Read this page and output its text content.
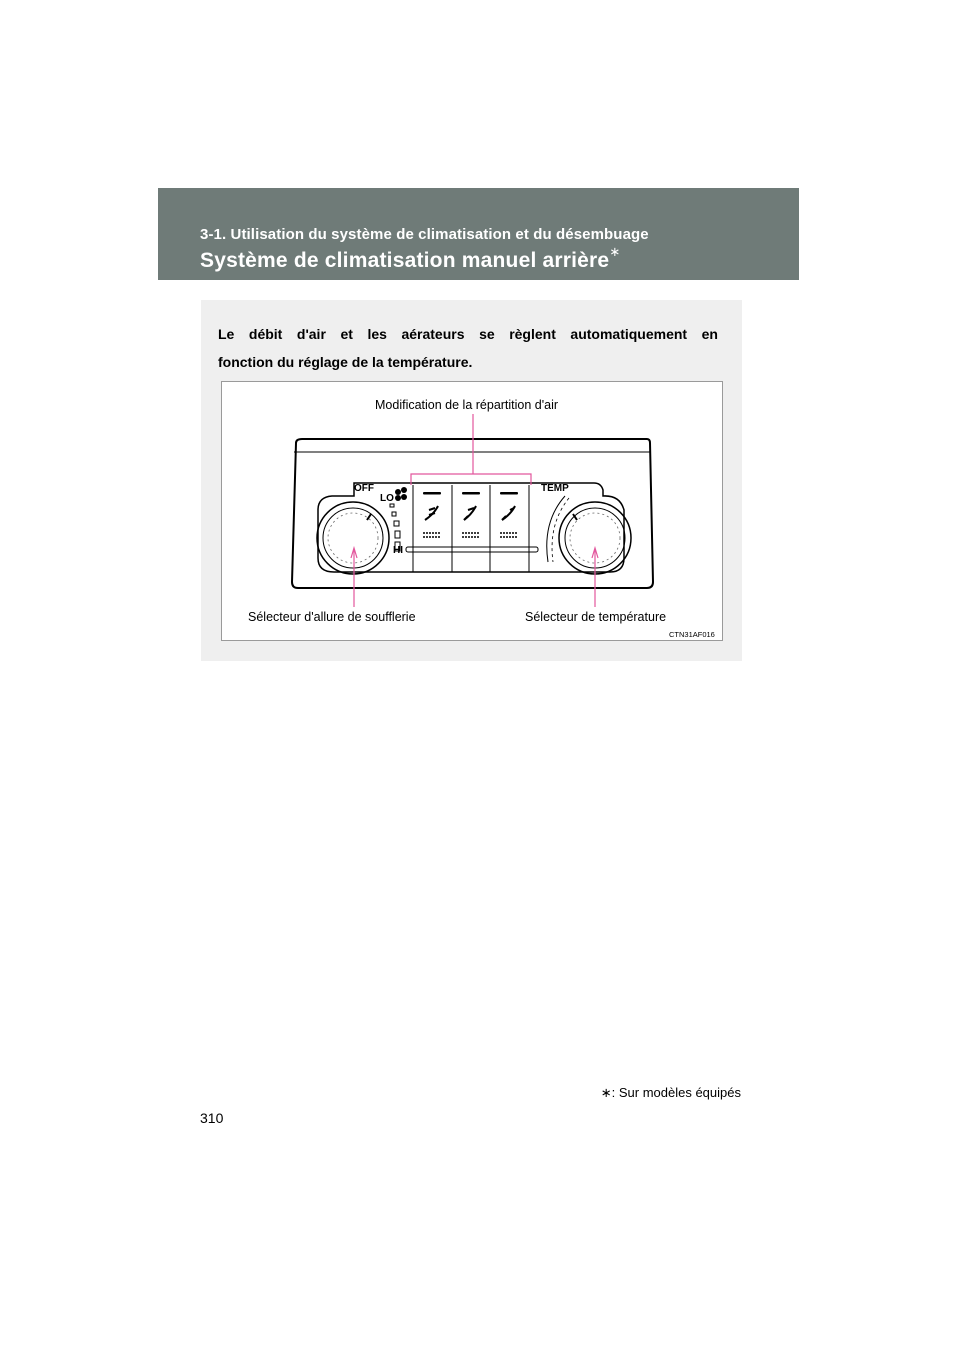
3-1. Utilisation du système de climatisation et du désembuage
Système de climatisation manuel arrière∗
Le débit d'air et les aérateurs se règlent automatiquement en
fonction du réglage de la température.
OFF
LO
HI
TEMP
Modification de la répartition d'air
Sélecteur d'allure de soufflerie	Sélecteur de température
CTN31AF016
∗: Sur modèles équipés
310
